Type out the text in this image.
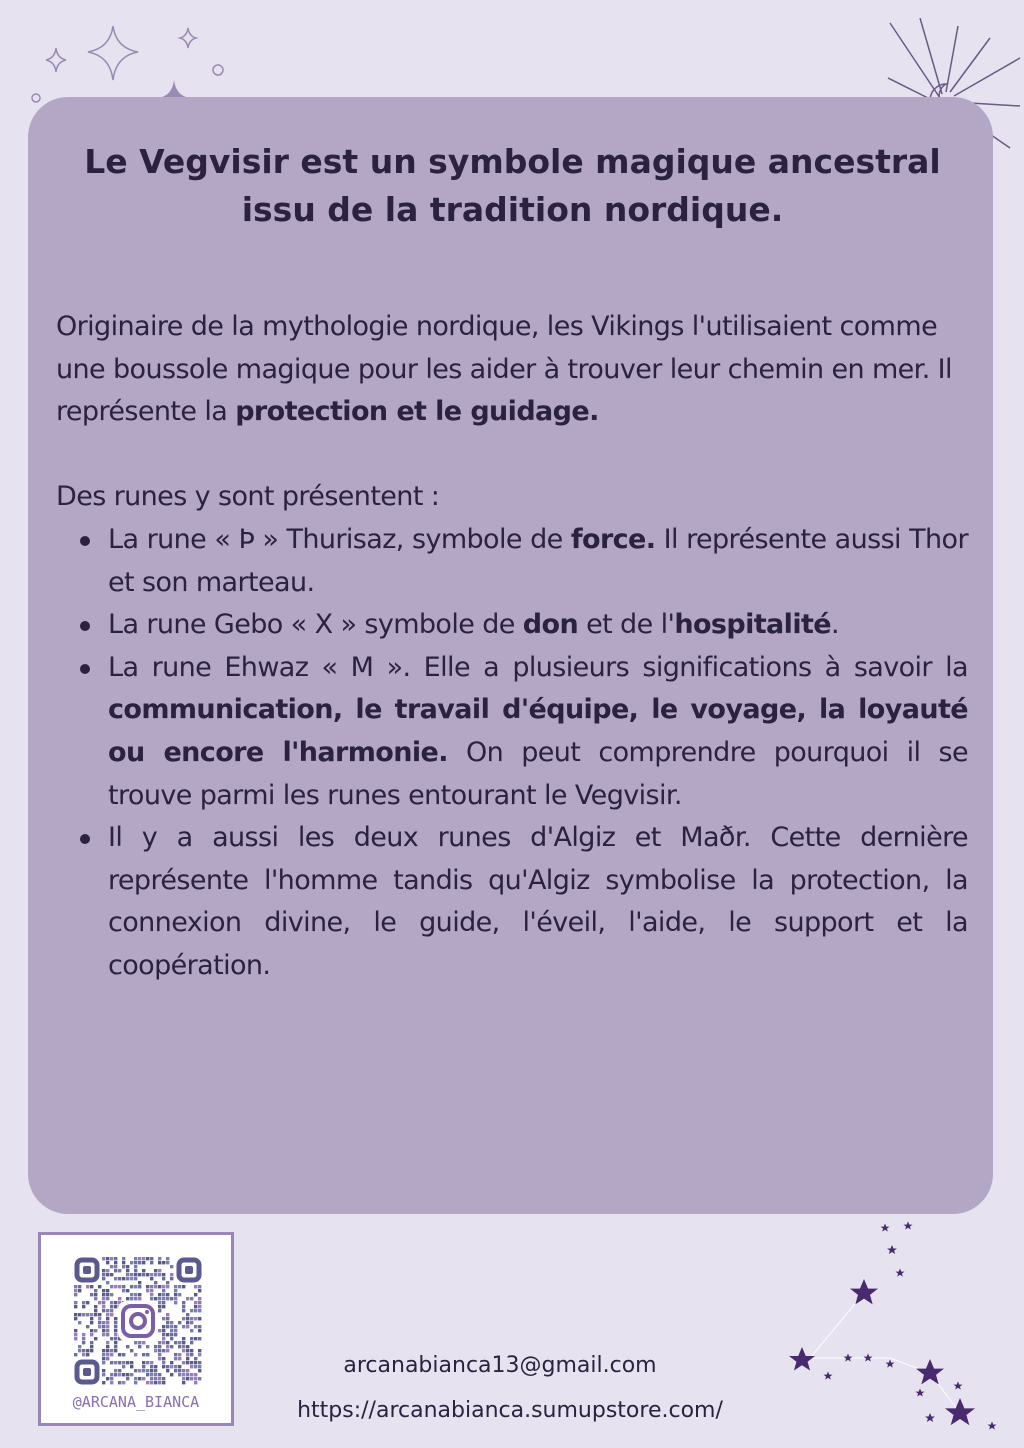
Le Vegvisir est un symbole magique ancestral
issu de la tradition nordique.

Originaire de la mythologie nordique, les Vikings l'utilisaient comme une boussole magique pour les aider à trouver leur chemin en mer. Il représente la protection et le guidage.

Des runes y sont présentent :

La rune « Þ » Thurisaz, symbole de force. Il représente aussi Thor et son marteau.
La rune Gebo « X » symbole de don et de l'hospitalité.
La rune Ehwaz « M ». Elle a plusieurs significations à savoir la communication, le travail d'équipe, le voyage, la loyauté ou encore l'harmonie. On peut comprendre pourquoi il se trouve parmi les runes entourant le Vegvisir.
Il y a aussi les deux runes d'Algiz et Maðr. Cette dernière représente l'homme tandis qu'Algiz symbolise la protection, la connexion divine, le guide, l'éveil, l'aide, le support et la coopération.
@ARCANA_BIANCA
arcanabianca13@gmail.com
https://arcanabianca.sumupstore.com/
